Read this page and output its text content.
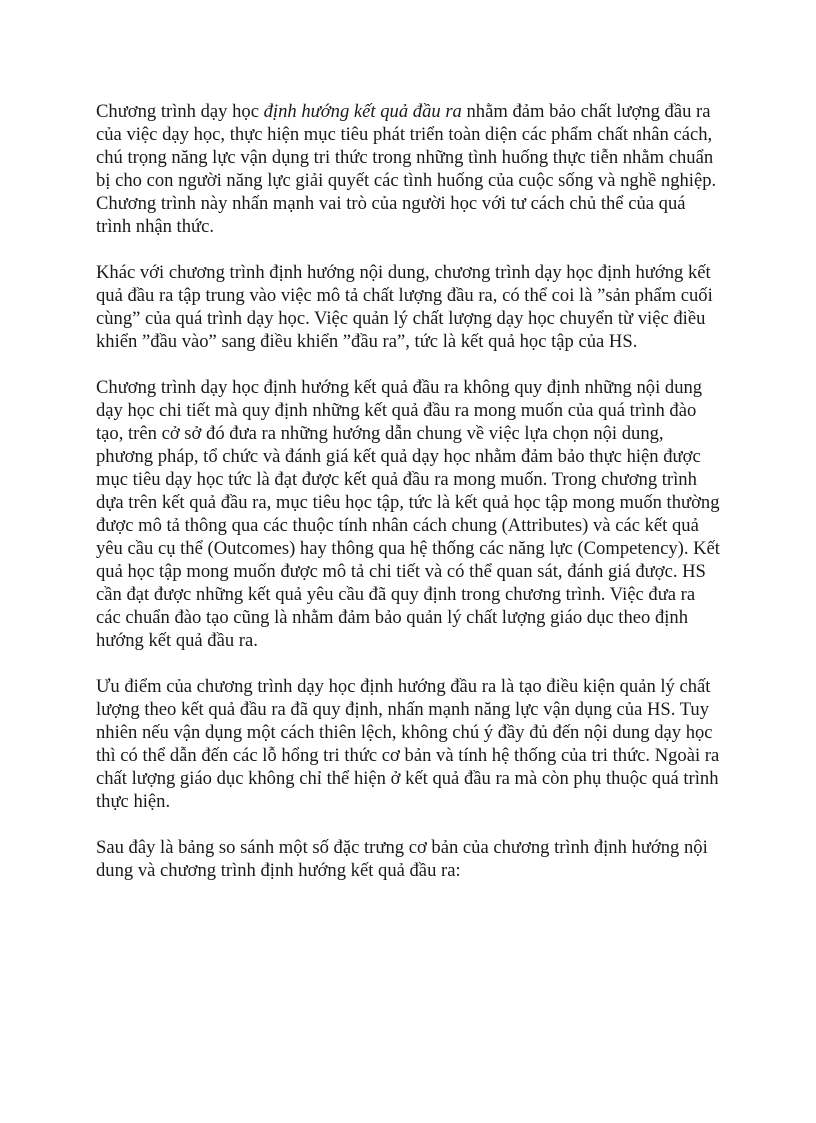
Chương trình dạy học định hướng kết quả đầu ra nhằm đảm bảo chất lượng đầu ra của việc dạy học, thực hiện mục tiêu phát triển toàn diện các phẩm chất nhân cách, chú trọng năng lực vận dụng tri thức trong những tình huống thực tiễn nhằm chuẩn bị cho con người năng lực giải quyết các tình huống của cuộc sống và nghề nghiệp. Chương trình này nhấn mạnh vai trò của người học với tư cách chủ thể của quá trình nhận thức.

Khác với chương trình định hướng nội dung, chương trình dạy học định hướng kết quả đầu ra tập trung vào việc mô tả chất lượng đầu ra, có thể coi là ”sản phẩm cuối cùng” của quá trình dạy học. Việc quản lý chất lượng dạy học chuyển từ việc điều khiển ”đầu vào” sang điều khiển ”đầu ra”, tức là kết quả học tập của HS.

Chương trình dạy học định hướng kết quả đầu ra không quy định những nội dung dạy học chi tiết mà quy định những kết quả đầu ra mong muốn của quá trình đào tạo, trên cở sở đó đưa ra những hướng dẫn chung về việc lựa chọn nội dung, phương pháp, tổ chức và đánh giá kết quả dạy học nhằm đảm bảo thực hiện được mục tiêu dạy học tức là đạt được kết quả đầu ra mong muốn. Trong chương trình dựa trên kết quả đầu ra, mục tiêu học tập, tức là kết quả học tập mong muốn thường được mô tả thông qua các thuộc tính nhân cách chung (Attributes) và các kết quả yêu cầu cụ thể (Outcomes) hay thông qua hệ thống các năng lực (Competency). Kết quả học tập mong muốn được mô tả chi tiết và có thể quan sát, đánh giá được. HS cần đạt được những kết quả yêu cầu đã quy định trong chương trình. Việc đưa ra các chuẩn đào tạo cũng là nhằm đảm bảo quản lý chất lượng giáo dục theo định hướng kết quả đầu ra.

Ưu điểm của chương trình dạy học định hướng đầu ra là tạo điều kiện quản lý chất lượng theo kết quả đầu ra đã quy định, nhấn mạnh năng lực vận dụng của HS. Tuy nhiên nếu vận dụng một cách thiên lệch, không chú ý đầy đủ đến nội dung dạy học thì có thể dẫn đến các lỗ hổng tri thức cơ bản và tính hệ thống của tri thức. Ngoài ra chất lượng giáo dục không chỉ thể hiện ở kết quả đầu ra mà còn phụ thuộc quá trình thực hiện.

Sau đây là bảng so sánh một số đặc trưng cơ bản của chương trình định hướng nội dung và chương trình định hướng kết quả đầu ra:
